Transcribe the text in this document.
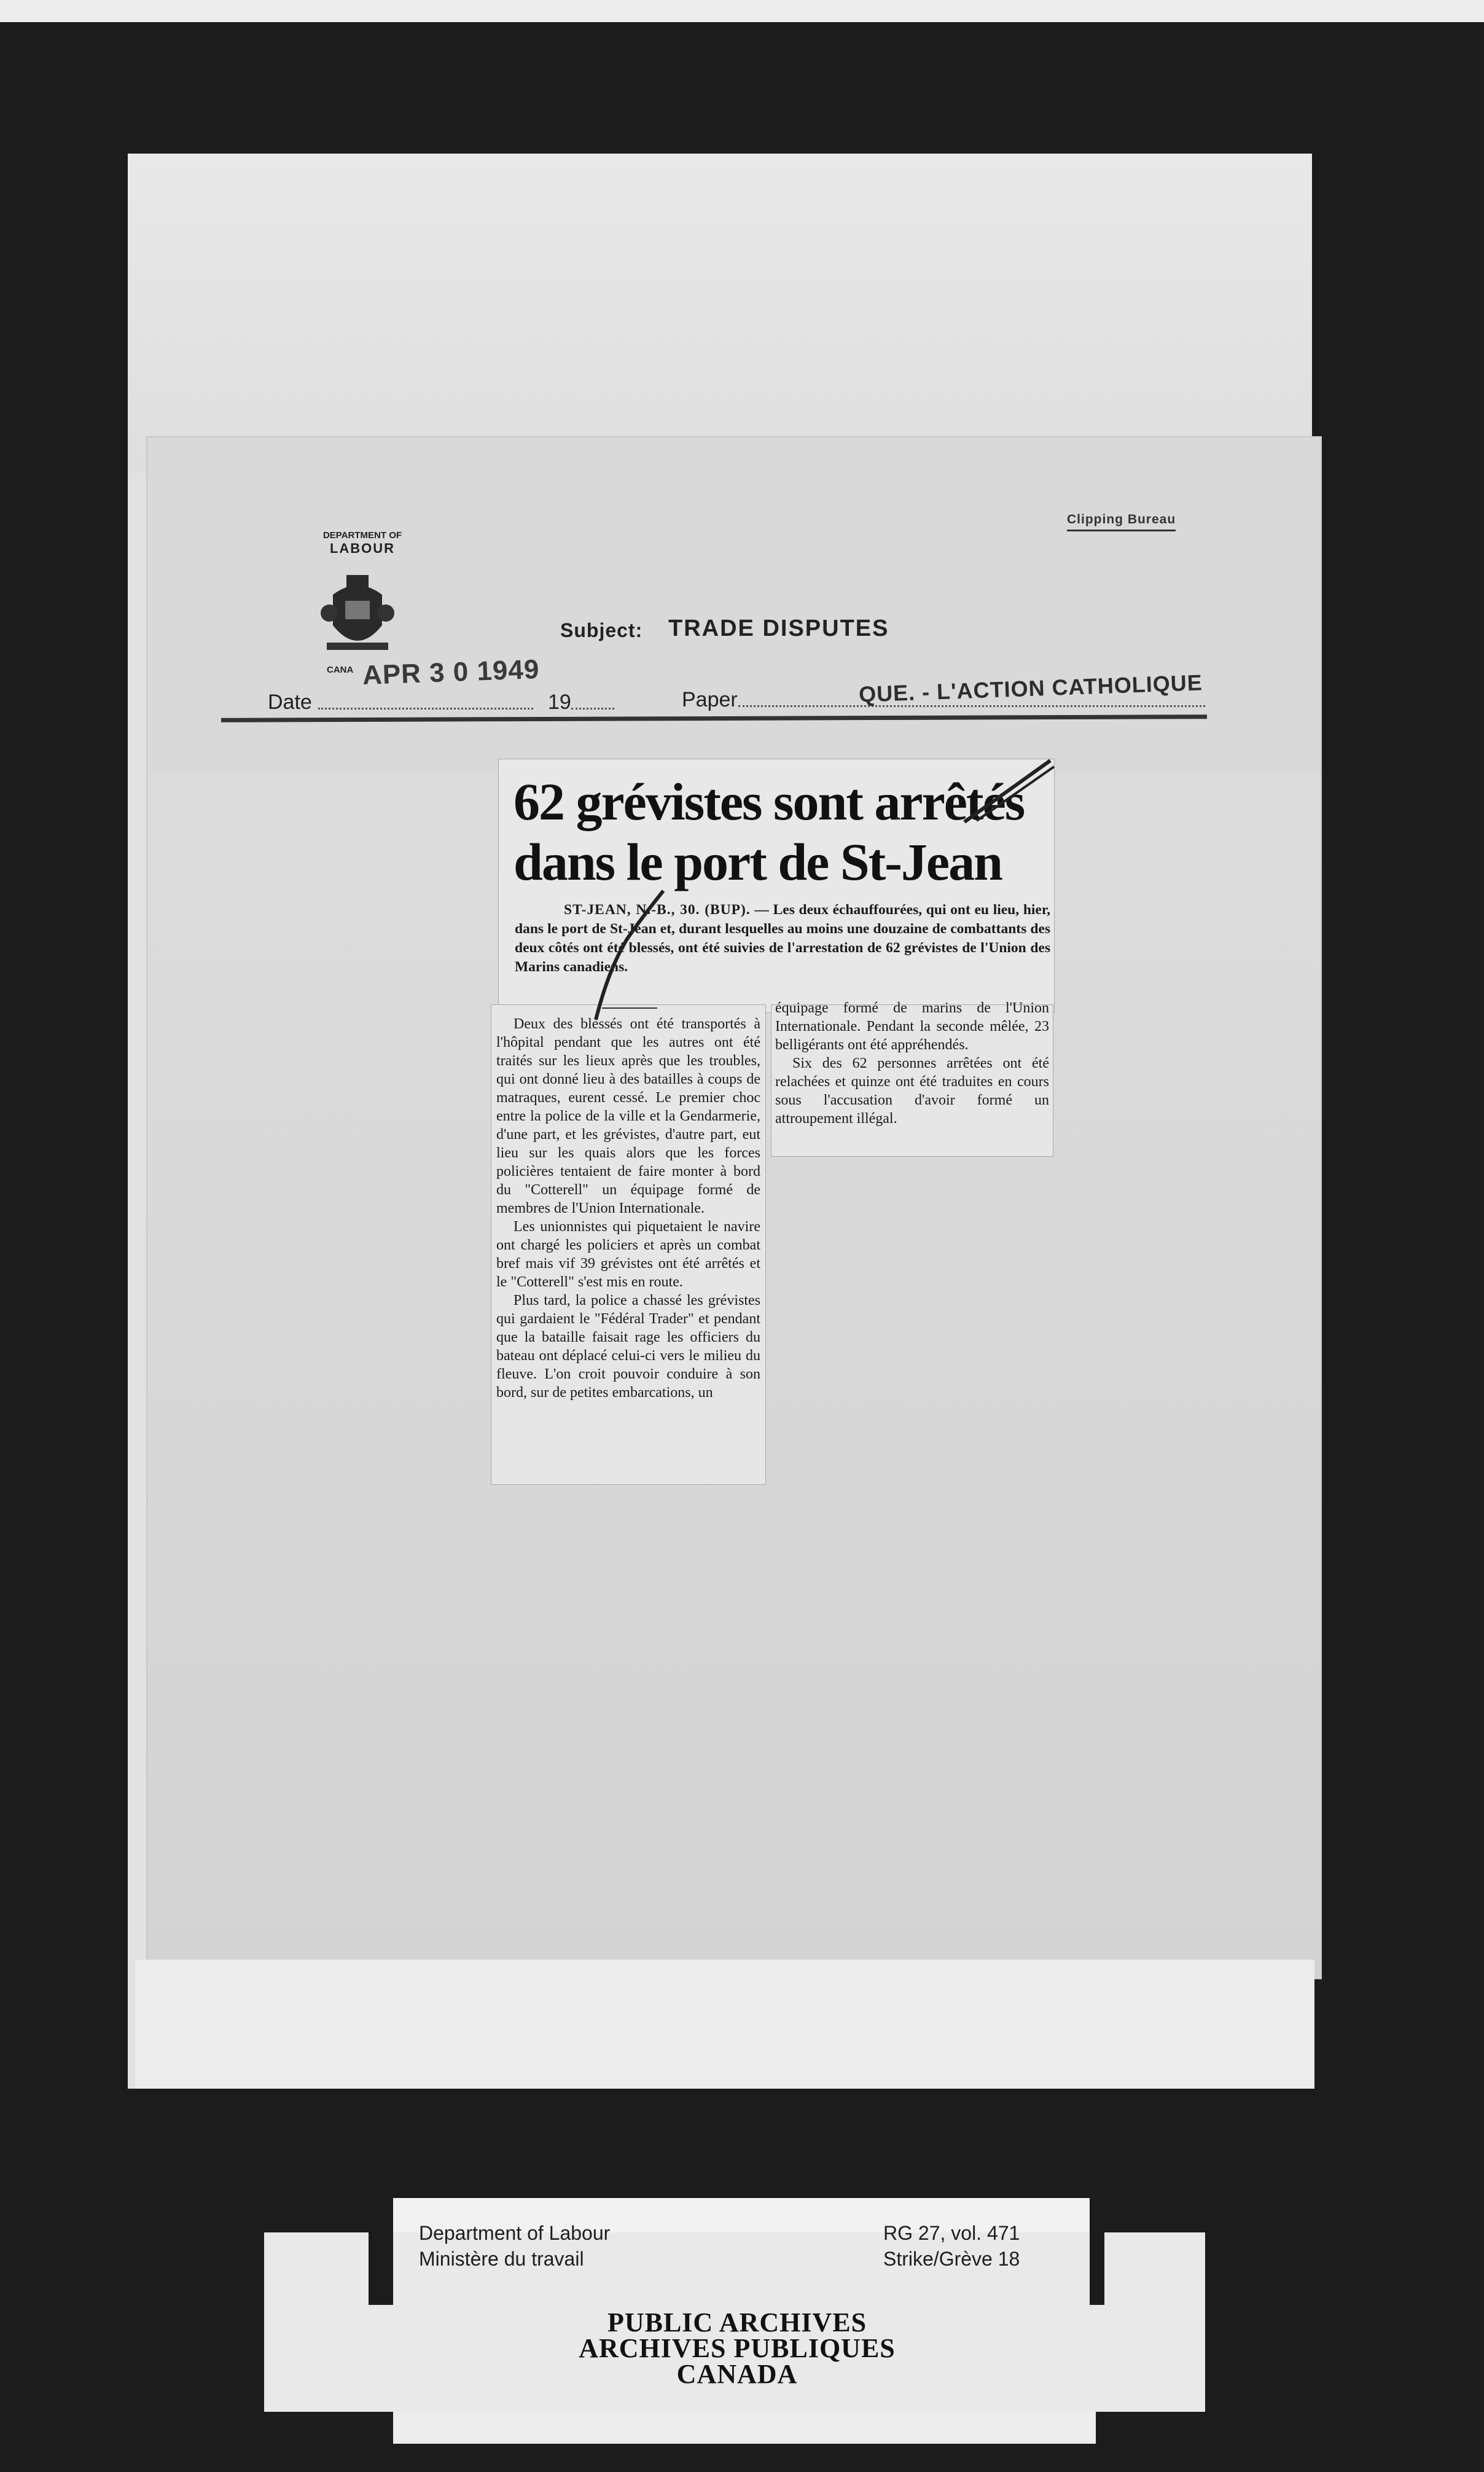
Clipping Bureau
DEPARTMENT OF
LABOUR
CANA
Subject: TRADE DISPUTES
Date
APR 3 0 1949
19	Paper	QUE. - L'ACTION CATHOLIQUE
62 grévistes sont arrêtés
dans le port de St-Jean
ST-JEAN, N.-B., 30. (BUP). — Les deux échauffourées, qui ont eu lieu, hier, dans le port de St-Jean et, durant lesquelles au moins une douzaine de combattants des deux côtés ont été blessés, ont été suivies de l'arrestation de 62 grévistes de l'Union des Marins canadiens.

Deux des blessés ont été transportés à l'hôpital pendant que les autres ont été traités sur les lieux après que les troubles, qui ont donné lieu à des batailles à coups de matraques, eurent cessé. Le premier choc entre la police de la ville et la Gendarmerie, d'une part, et les grévistes, d'autre part, eut lieu sur les quais alors que les forces policières tentaient de faire monter à bord du "Cotterell" un équipage formé de membres de l'Union Internationale.

Les unionnistes qui piquetaient le navire ont chargé les policiers et après un combat bref mais vif 39 grévistes ont été arrêtés et le "Cotterell" s'est mis en route.

Plus tard, la police a chassé les grévistes qui gardaient le "Fédéral Trader" et pendant que la bataille faisait rage les officiers du bateau ont déplacé celui-ci vers le milieu du fleuve. L'on croit pouvoir conduire à son bord, sur de petites embarcations, un

équipage formé de marins de l'Union Internationale. Pendant la seconde mêlée, 23 belligérants ont été appréhendés.

Six des 62 personnes arrêtées ont été relachées et quinze ont été traduites en cours sous l'accusation d'avoir formé un attroupement illégal.

Department of Labour
Ministère du travail
RG 27, vol. 471
Strike/Grève 18
PUBLIC ARCHIVES
ARCHIVES PUBLIQUES
CANADA
